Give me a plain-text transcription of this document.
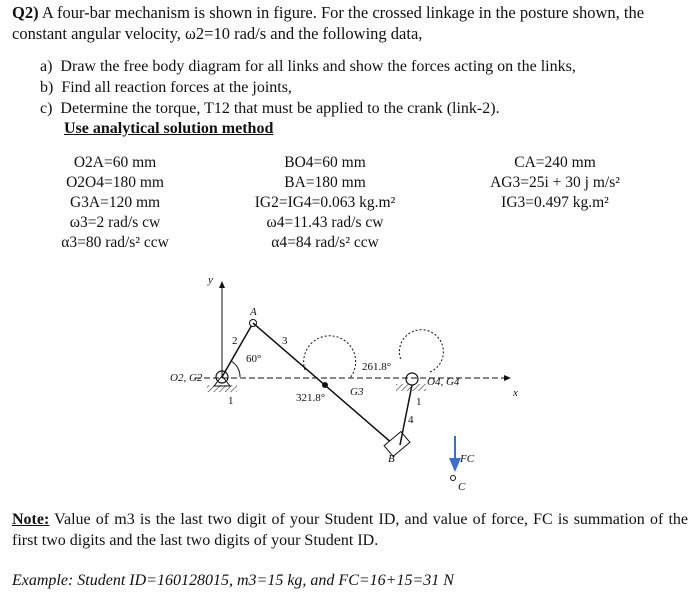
Q2) A four-bar mechanism is shown in figure. For the crossed linkage in the posture shown, the constant angular velocity, ω2=10 rad/s and the following data,
a)  Draw the free body diagram for all links and show the forces acting on the links,
b)  Find all reaction forces at the joints,
c)  Determine the torque, T12 that must be applied to the crank (link-2).
Use analytical solution method
O2A=60 mm
O2O4=180 mm
G3A=120 mm
ω3=2 rad/s cw
α3=80 rad/s² ccw
BO4=60 mm
BA=180 mm
IG2=IG4=0.063 kg.m²
ω4=11.43 rad/s cw
α4=84 rad/s² ccw
CA=240 mm
AG3=25i + 30 j m/s²
IG3=0.497 kg.m²
y
x
1
O2, G2
2
A
60°
3
G3
321.8°
B
4
1
O4, G4
261.8°
FC
C
Note: Value of m3 is the last two digit of your Student ID, and value of force, FC is summation of the first two digits and the last two digits of your Student ID.
Example: Student ID=160128015, m3=15 kg, and FC=16+15=31 N
